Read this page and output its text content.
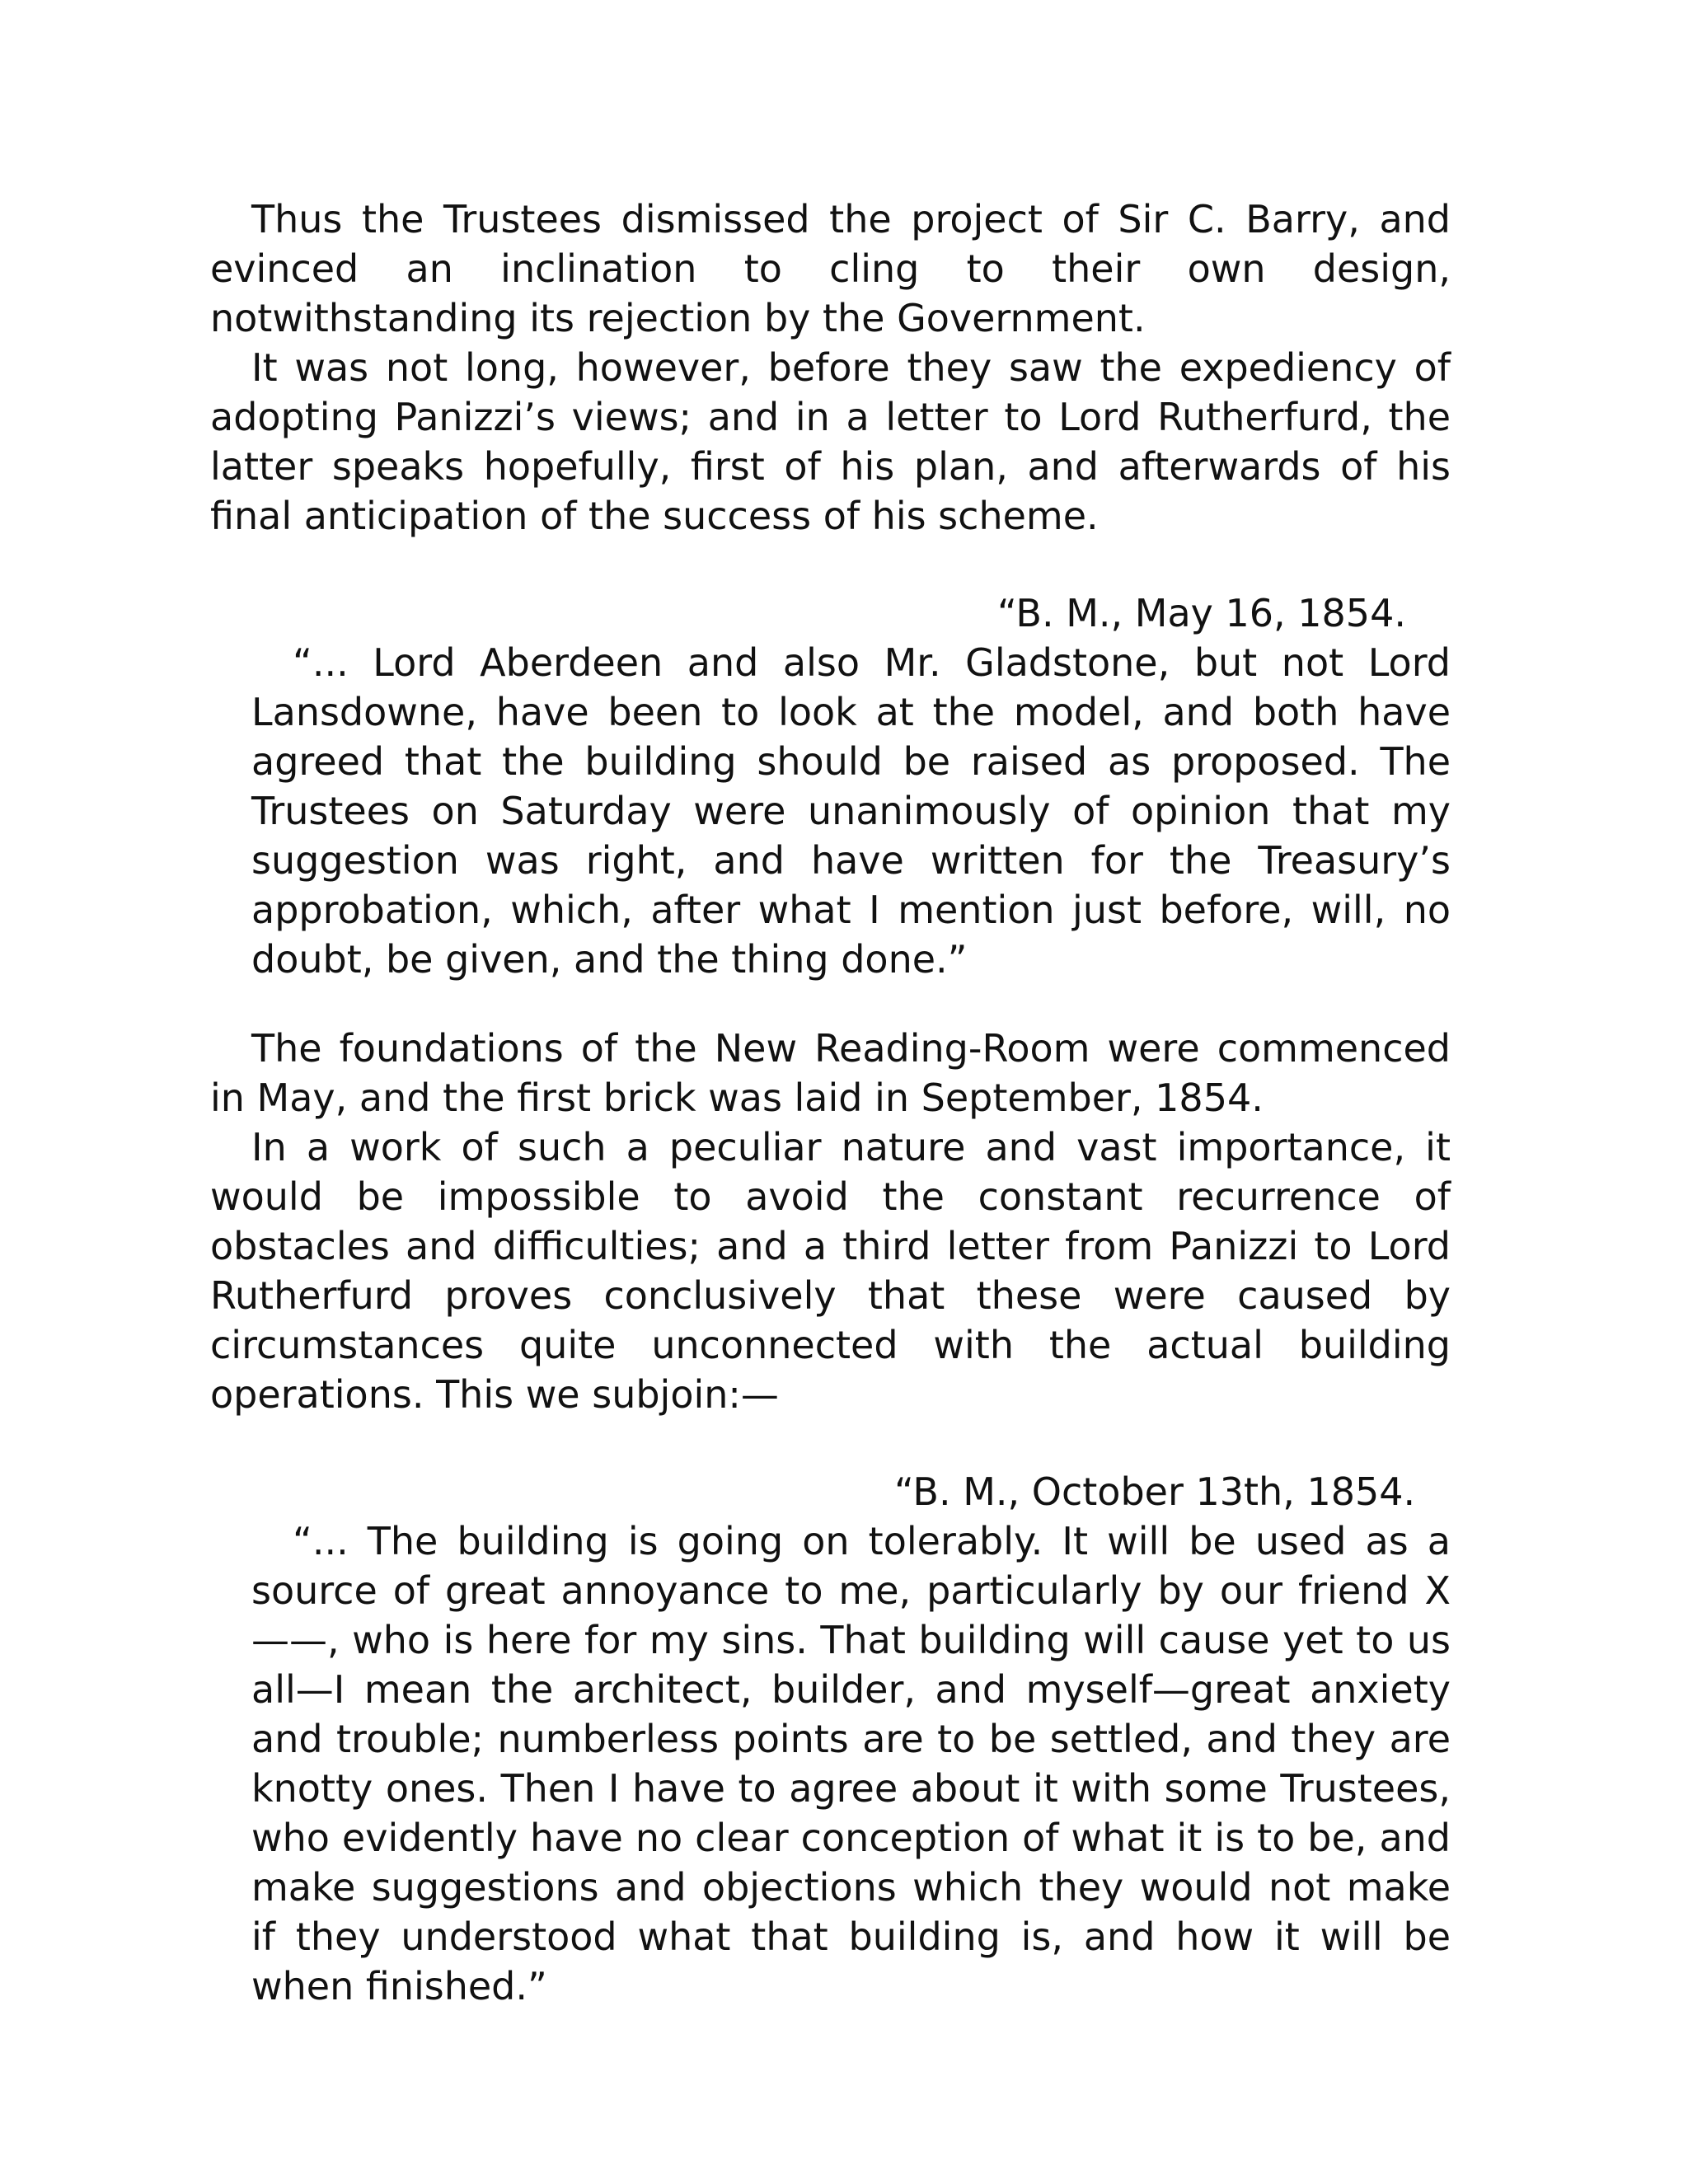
Thus the Trustees dismissed the project of Sir C. Barry, and evinced an inclination to cling to their own design, notwithstanding its rejection by the Government.

It was not long, however, before they saw the expediency of adopting Panizzi’s views; and in a letter to Lord Rutherfurd, the latter speaks hopefully, first of his plan, and afterwards of his final anticipation of the success of his scheme.

“B. M., May 16, 1854.

“... Lord Aberdeen and also Mr. Gladstone, but not Lord Lansdowne, have been to look at the model, and both have agreed that the building should be raised as proposed. The Trustees on Saturday were unanimously of opinion that my suggestion was right, and have written for the Treasury’s approbation, which, after what I mention just before, will, no doubt, be given, and the thing done.”

The foundations of the New Reading-Room were commenced in May, and the first brick was laid in September, 1854.

In a work of such a peculiar nature and vast importance, it would be impossible to avoid the constant recurrence of obstacles and difficulties; and a third letter from Panizzi to Lord Rutherfurd proves conclusively that these were caused by circumstances quite unconnected with the actual building operations. This we subjoin:—

“B. M., October 13th, 1854.

“... The building is going on tolerably. It will be used as a source of great annoyance to me, particularly by our friend X——, who is here for my sins. That building will cause yet to us all—I mean the architect, builder, and myself—great anxiety and trouble; numberless points are to be settled, and they are knotty ones. Then I have to agree about it with some Trustees, who evidently have no clear conception of what it is to be, and make suggestions and objections which they would not make if they understood what that building is, and how it will be when finished.”
